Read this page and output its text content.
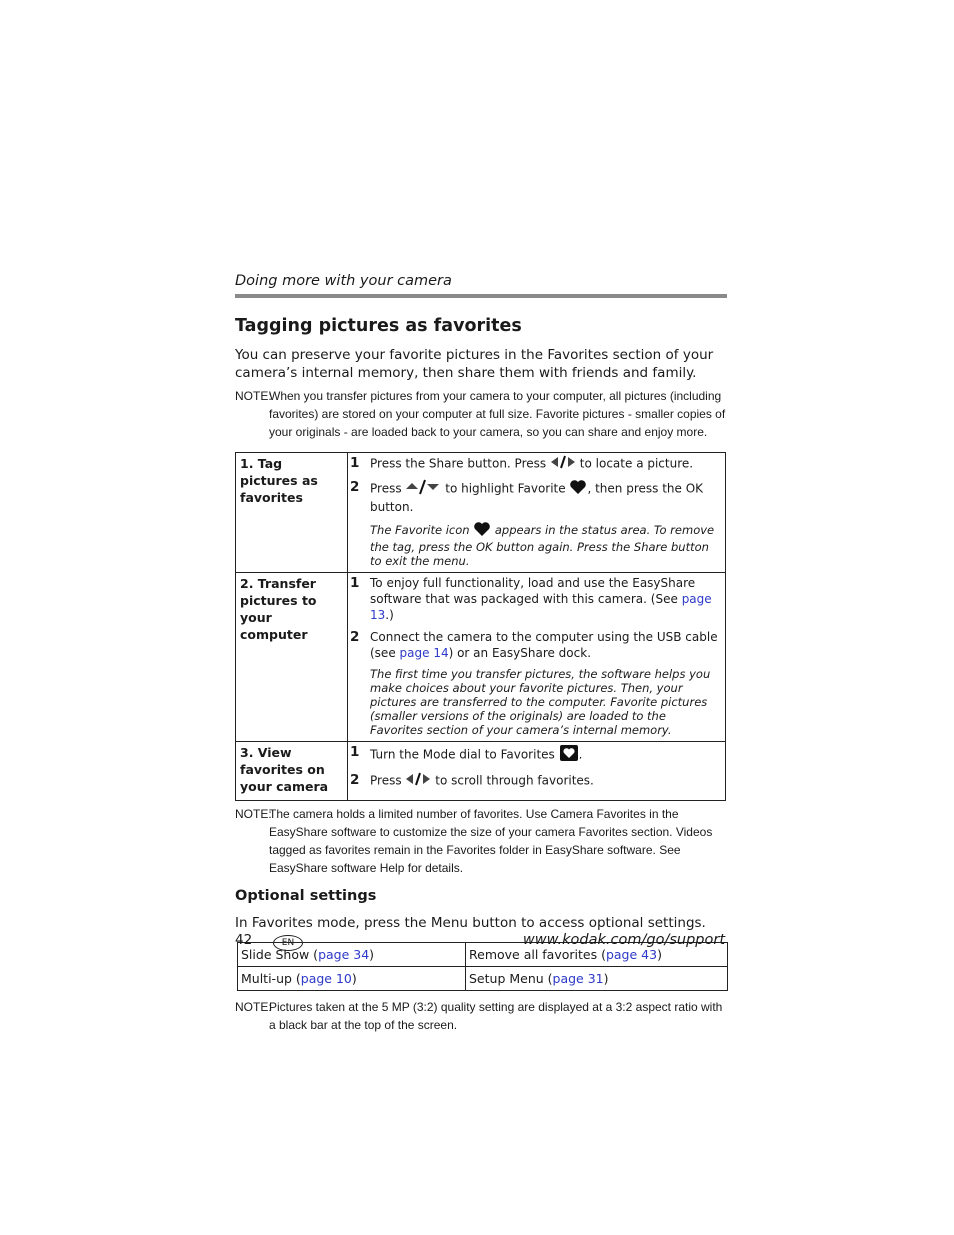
Doing more with your camera
Tagging pictures as favorites

You can preserve your favorite pictures in the Favorites section of your camera’s internal memory, then share them with friends and family.

NOTE:
When you transfer pictures from your camera to your computer, all pictures (including favorites) are stored on your computer at full size. Favorite pictures - smaller copies of your originals - are loaded back to your camera, so you can share and enjoy more.
1. Tag pictures as favorites	1 Press the Share button. Press to locate a picture.
2 Press to highlight Favorite , then press the OK button.
The Favorite icon appears in the status area. To remove the tag, press the OK button again. Press the Share button to exit the menu.

2. Transfer pictures to your computer	1 To enjoy full functionality, load and use the EasyShare software that was packaged with this camera. (See page 13.)
2 Connect the camera to the computer using the USB cable (see page 14) or an EasyShare dock.
The first time you transfer pictures, the software helps you make choices about your favorite pictures. Then, your pictures are transferred to the computer. Favorite pictures (smaller versions of the originals) are loaded to the Favorites section of your camera’s internal memory.

3. View favorites on your camera	1 Turn the Mode dial to Favorites .
2 Press to scroll through favorites.
NOTE:
The camera holds a limited number of favorites. Use Camera Favorites in the EasyShare software to customize the size of your camera Favorites section. Videos tagged as favorites remain in the Favorites folder in EasyShare software. See EasyShare software Help for details.
Optional settings

In Favorites mode, press the Menu button to access optional settings.

Slide Show (page 34)	Remove all favorites (page 43)
Multi-up (page 10)	Setup Menu (page 31)
NOTE:
Pictures taken at the 5 MP (3:2) quality setting are displayed at a 3:2 aspect ratio with a black bar at the top of the screen.
42	EN	www.kodak.com/go/support
